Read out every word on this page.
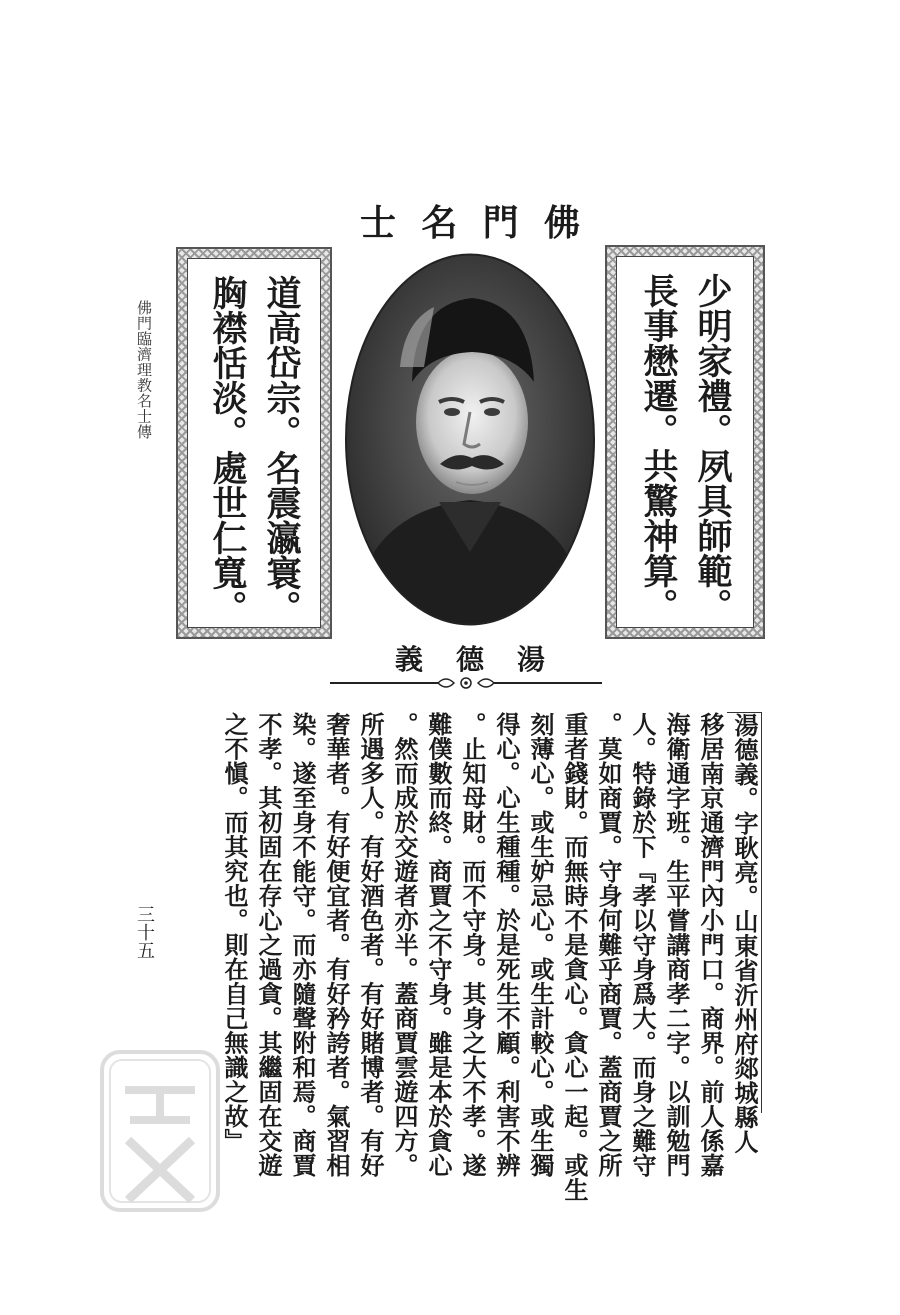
士 名 門 佛
佛門臨濟理教名士傳 胸襟恬淡。處世仁寬。 道高岱宗。名震瀛寰。	長事懋遷。共驚神算。 少明家禮。夙具師範。
義 德 湯
湯德義。字耿亮。山東省沂州府郯城縣人
移居南京通濟門內小門口。商界。前人係嘉
海衛通字班。生平嘗講商孝二字。以訓勉門
人。特錄於下『孝以守身爲大。而身之難守
。莫如商賈。守身何難乎商賈。蓋商賈之所
重者錢財。而無時不是貪心。貪心一起。或生
刻薄心。或生妒忌心。或生計較心。或生獨
得心。心生種種。於是死生不顧。利害不辨
。止知母財。而不守身。其身之大不孝。遂
難僕數而終。商賈之不守身。雖是本於貪心
。然而成於交遊者亦半。蓋商賈雲遊四方。
所遇多人。有好酒色者。有好賭博者。有好
奢華者。有好便宜者。有好矜誇者。氣習相
染。遂至身不能守。而亦隨聲附和焉。商賈
不孝。其初固在存心之過貪。其繼固在交遊
之不愼。而其究也。則在自己無識之故』
三十五
